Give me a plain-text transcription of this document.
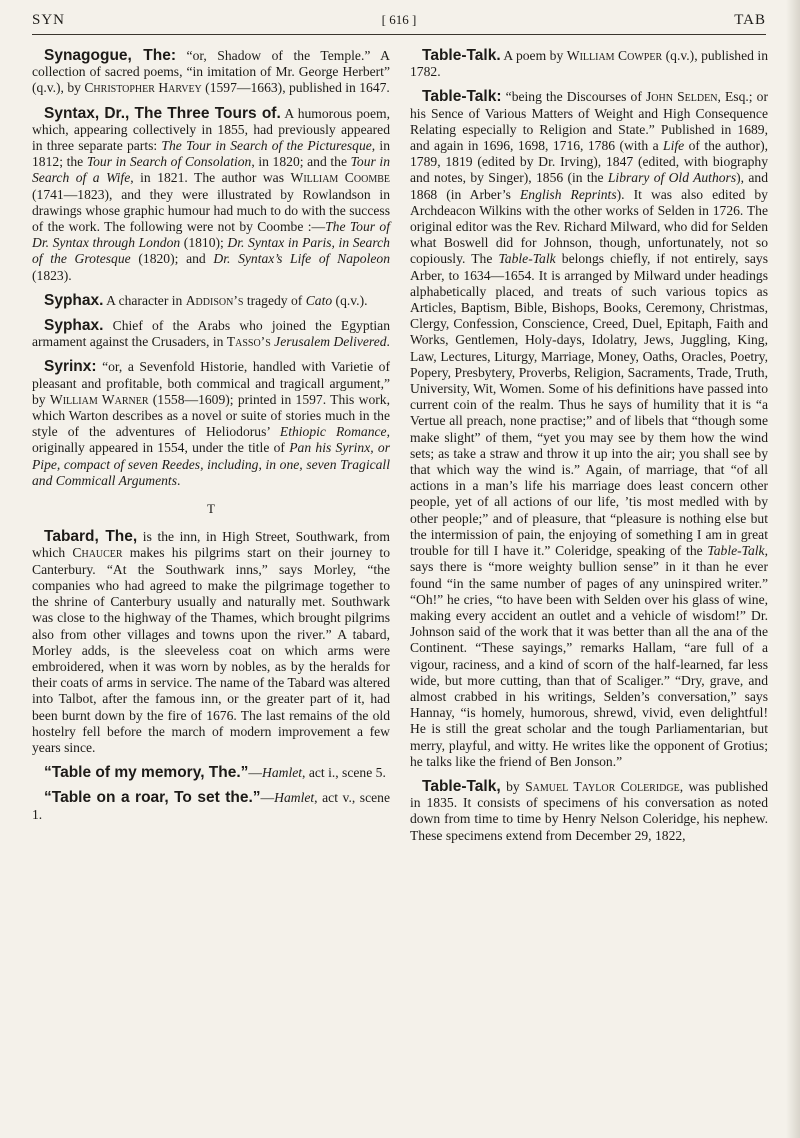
SYN	[ 616 ]	TAB

Synagogue, The: “or, Shadow of the Temple.” A collection of sacred poems, “in imitation of Mr. George Herbert” (q.v.), by Christopher Harvey (1597—1663), published in 1647.

Syntax, Dr., The Three Tours of. A humorous poem, which, appearing collectively in 1855, had previously appeared in three separate parts: The Tour in Search of the Picturesque, in 1812; the Tour in Search of Consolation, in 1820; and the Tour in Search of a Wife, in 1821. The author was William Coombe (1741—1823), and they were illustrated by Rowlandson in drawings whose graphic humour had much to do with the success of the work. The following were not by Coombe :—The Tour of Dr. Syntax through London (1810); Dr. Syntax in Paris, in Search of the Grotesque (1820); and Dr. Syntax’s Life of Napoleon (1823).

Syphax. A character in Addison’s tragedy of Cato (q.v.).

Syphax. Chief of the Arabs who joined the Egyptian armament against the Crusaders, in Tasso’s Jerusalem Delivered.

Syrinx: “or, a Sevenfold Historie, handled with Varietie of pleasant and profitable, both commical and tragicall argument,” by William Warner (1558—1609); printed in 1597. This work, which Warton describes as a novel or suite of stories much in the style of the adventures of Heliodorus’ Ethiopic Romance, originally appeared in 1554, under the title of Pan his Syrinx, or Pipe, compact of seven Reedes, including, in one, seven Tragicall and Commicall Arguments.

T

Tabard, The, is the inn, in High Street, Southwark, from which Chaucer makes his pilgrims start on their journey to Canterbury. “At the Southwark inns,” says Morley, “the companies who had agreed to make the pilgrimage together to the shrine of Canterbury usually and naturally met. Southwark was close to the highway of the Thames, which brought pilgrims also from other villages and towns upon the river.” A tabard, Morley adds, is the sleeveless coat on which arms were embroidered, when it was worn by nobles, as by the heralds for their coats of arms in service. The name of the Tabard was altered into Talbot, after the famous inn, or the greater part of it, had been burnt down by the fire of 1676. The last remains of the old hostelry fell before the march of modern improvement a few years since.

“Table of my memory, The.”—Hamlet, act i., scene 5.

“Table on a roar, To set the.”—Hamlet, act v., scene 1.

Table-Talk. A poem by William Cowper (q.v.), published in 1782.

Table-Talk: “being the Discourses of John Selden, Esq.; or his Sence of Various Matters of Weight and High Consequence Relating especially to Religion and State.” Published in 1689, and again in 1696, 1698, 1716, 1786 (with a Life of the author), 1789, 1819 (edited by Dr. Irving), 1847 (edited, with biography and notes, by Singer), 1856 (in the Library of Old Authors), and 1868 (in Arber’s English Reprints). It was also edited by Archdeacon Wilkins with the other works of Selden in 1726. The original editor was the Rev. Richard Milward, who did for Selden what Boswell did for Johnson, though, unfortunately, not so copiously. The Table-Talk belongs chiefly, if not entirely, says Arber, to 1634—1654. It is arranged by Milward under headings alphabetically placed, and treats of such various topics as Articles, Baptism, Bible, Bishops, Books, Ceremony, Christmas, Clergy, Confession, Conscience, Creed, Duel, Epitaph, Faith and Works, Gentlemen, Holy-days, Idolatry, Jews, Juggling, King, Law, Lectures, Liturgy, Marriage, Money, Oaths, Oracles, Poetry, Popery, Presbytery, Proverbs, Religion, Sacraments, Trade, Truth, University, Wit, Women. Some of his definitions have passed into current coin of the realm. Thus he says of humility that it is “a Vertue all preach, none practise;” and of libels that “though some make slight” of them, “yet you may see by them how the wind sets; as take a straw and throw it up into the air; you shall see by that which way the wind is.” Again, of marriage, that “of all actions in a man’s life his marriage does least concern other people, yet of all actions of our life, ’tis most medled with by other people;” and of pleasure, that “pleasure is nothing else but the intermission of pain, the enjoying of something I am in great trouble for till I have it.” Coleridge, speaking of the Table-Talk, says there is “more weighty bullion sense” in it than he ever found “in the same number of pages of any uninspired writer.” “Oh!” he cries, “to have been with Selden over his glass of wine, making every accident an outlet and a vehicle of wisdom!” Dr. Johnson said of the work that it was better than all the ana of the Continent. “These sayings,” remarks Hallam, “are full of a vigour, raciness, and a kind of scorn of the half-learned, far less wide, but more cutting, than that of Scaliger.” “Dry, grave, and almost crabbed in his writings, Selden’s conversation,” says Hannay, “is homely, humorous, shrewd, vivid, even delightful! He is still the great scholar and the tough Parliamentarian, but merry, playful, and witty. He writes like the opponent of Grotius; he talks like the friend of Ben Jonson.”

Table-Talk, by Samuel Taylor Coleridge, was published in 1835. It consists of specimens of his conversation as noted down from time to time by Henry Nelson Coleridge, his nephew. These specimens extend from December 29, 1822,
